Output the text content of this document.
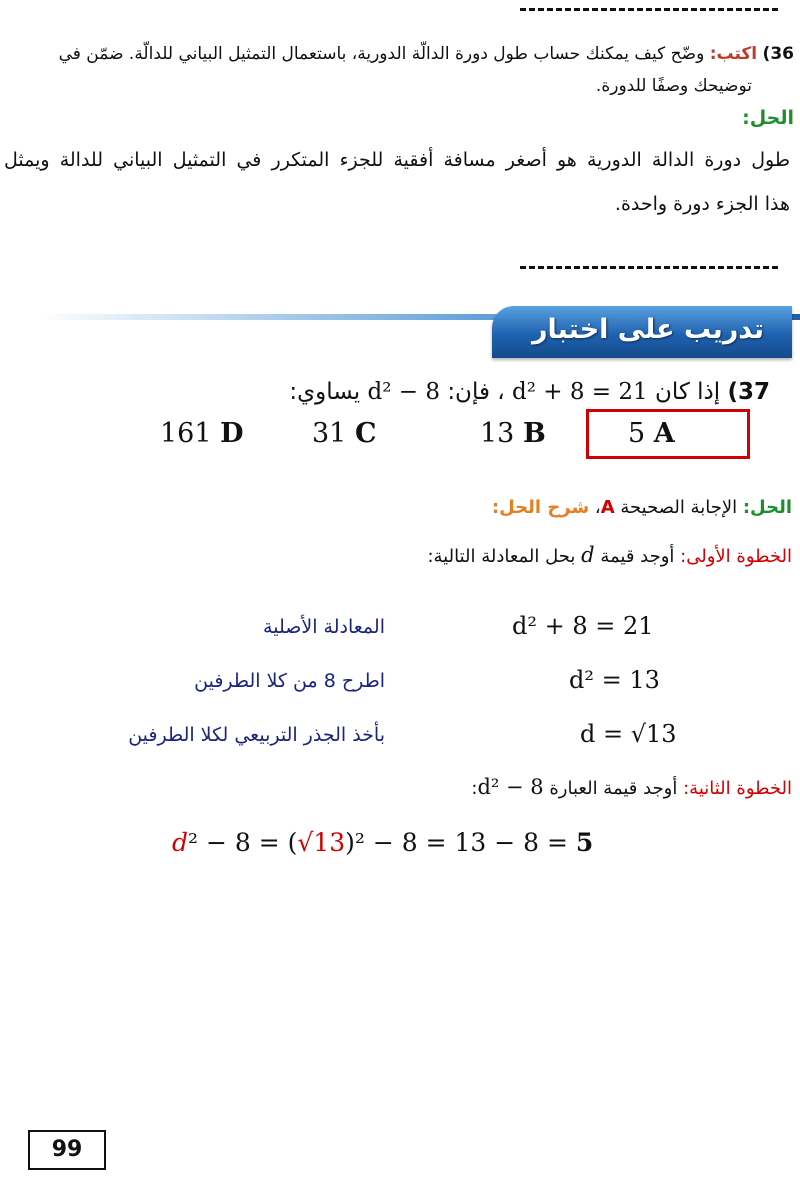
36) اكتب: وضّح كيف يمكنك حساب طول دورة الدالّة الدورية، باستعمال التمثيل البياني للدالّة. ضمّن في
توضيحك وصفًا للدورة.
الحل:
طول دورة الدالة الدورية هو أصغر مسافة أفقية للجزء المتكرر في التمثيل البياني للدالة ويمثل
هذا الجزء دورة واحدة.
تدريب على اختبار
37) إذا كان d² + 8 = 21 ، فإن: d² − 8 يساوي:
5 A
13 B
31 C
161 D
الحل: الإجابة الصحيحة A، شرح الحل:
الخطوة الأولى: أوجد قيمة d بحل المعادلة التالية:
d² + 8 = 21
المعادلة الأصلية
d² = 13
اطرح 8 من كلا الطرفين
d = √13
بأخذ الجذر التربيعي لكلا الطرفين
الخطوة الثانية: أوجد قيمة العبارة d² − 8:
d² − 8 = (√13)² − 8 = 13 − 8 = 5
99
